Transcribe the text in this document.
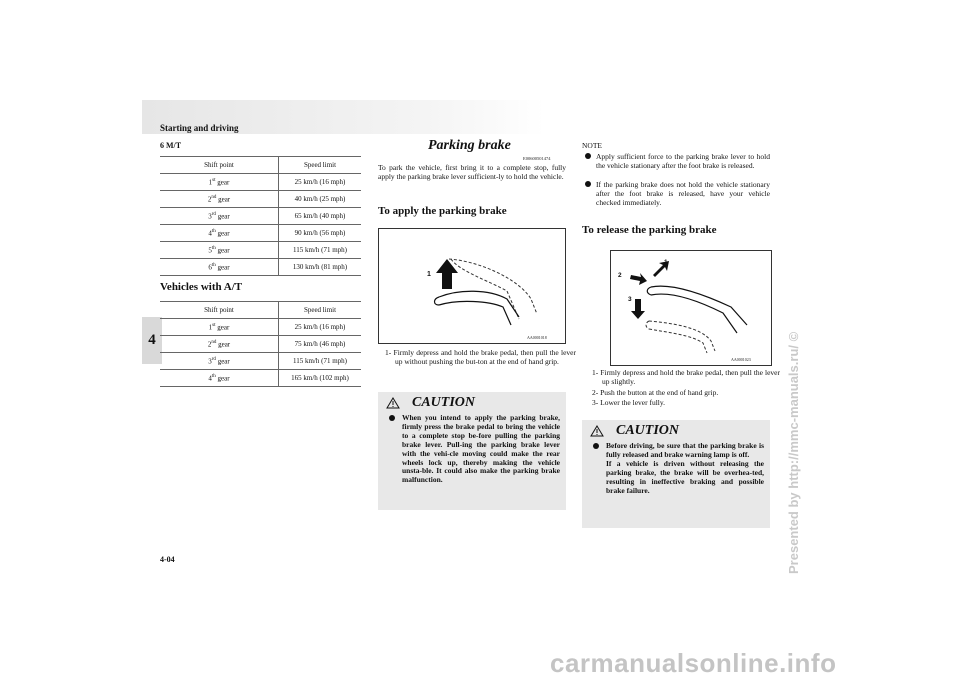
Starting and driving
4
4-04
6 M/T
Shift point	Speed limit
1st gear	25 km/h (16 mph)
2nd gear	40 km/h (25 mph)
3rd gear	65 km/h (40 mph)
4th gear	90 km/h (56 mph)
5th gear	115 km/h (71 mph)
6th gear	130 km/h (81 mph)
Vehicles with A/T
Shift point	Speed limit
1st gear	25 km/h (16 mph)
2nd gear	75 km/h (46 mph)
3rd gear	115 km/h (71 mph)
4th gear	165 km/h (102 mph)
Parking brake
E00600501474
To park the vehicle, first bring it to a complete stop, fully apply the parking brake lever sufficient-ly to hold the vehicle.
To apply the parking brake
1
AA0001018
1- Firmly depress and hold the brake pedal, then pull the lever up without pushing the but-ton at the end of hand grip.
CAUTION
When you intend to apply the parking brake, firmly press the brake pedal to bring the vehicle to a complete stop be-fore pulling the parking brake lever. Pull-ing the parking brake lever with the vehi-cle moving could make the rear wheels lock up, thereby making the vehicle unsta-ble. It could also make the parking brake malfunction.
NOTE
Apply sufficient force to the parking brake lever to hold the vehicle stationary after the foot brake is released.
If the parking brake does not hold the vehicle stationary after the foot brake is released, have your vehicle checked immediately.
To release the parking brake
1
2
3
AA0001023
1- Firmly depress and hold the brake pedal, then pull the lever up slightly.
2- Push the button at the end of hand grip.
3- Lower the lever fully.
CAUTION
Before driving, be sure that the parking brake is fully released and brake warning lamp is off.
If a vehicle is driven without releasing the parking brake, the brake will be overhea-ted, resulting in ineffective braking and possible brake failure.	Presented by http://mmc-manuals.ru/ ©
carmanualsonline.info
